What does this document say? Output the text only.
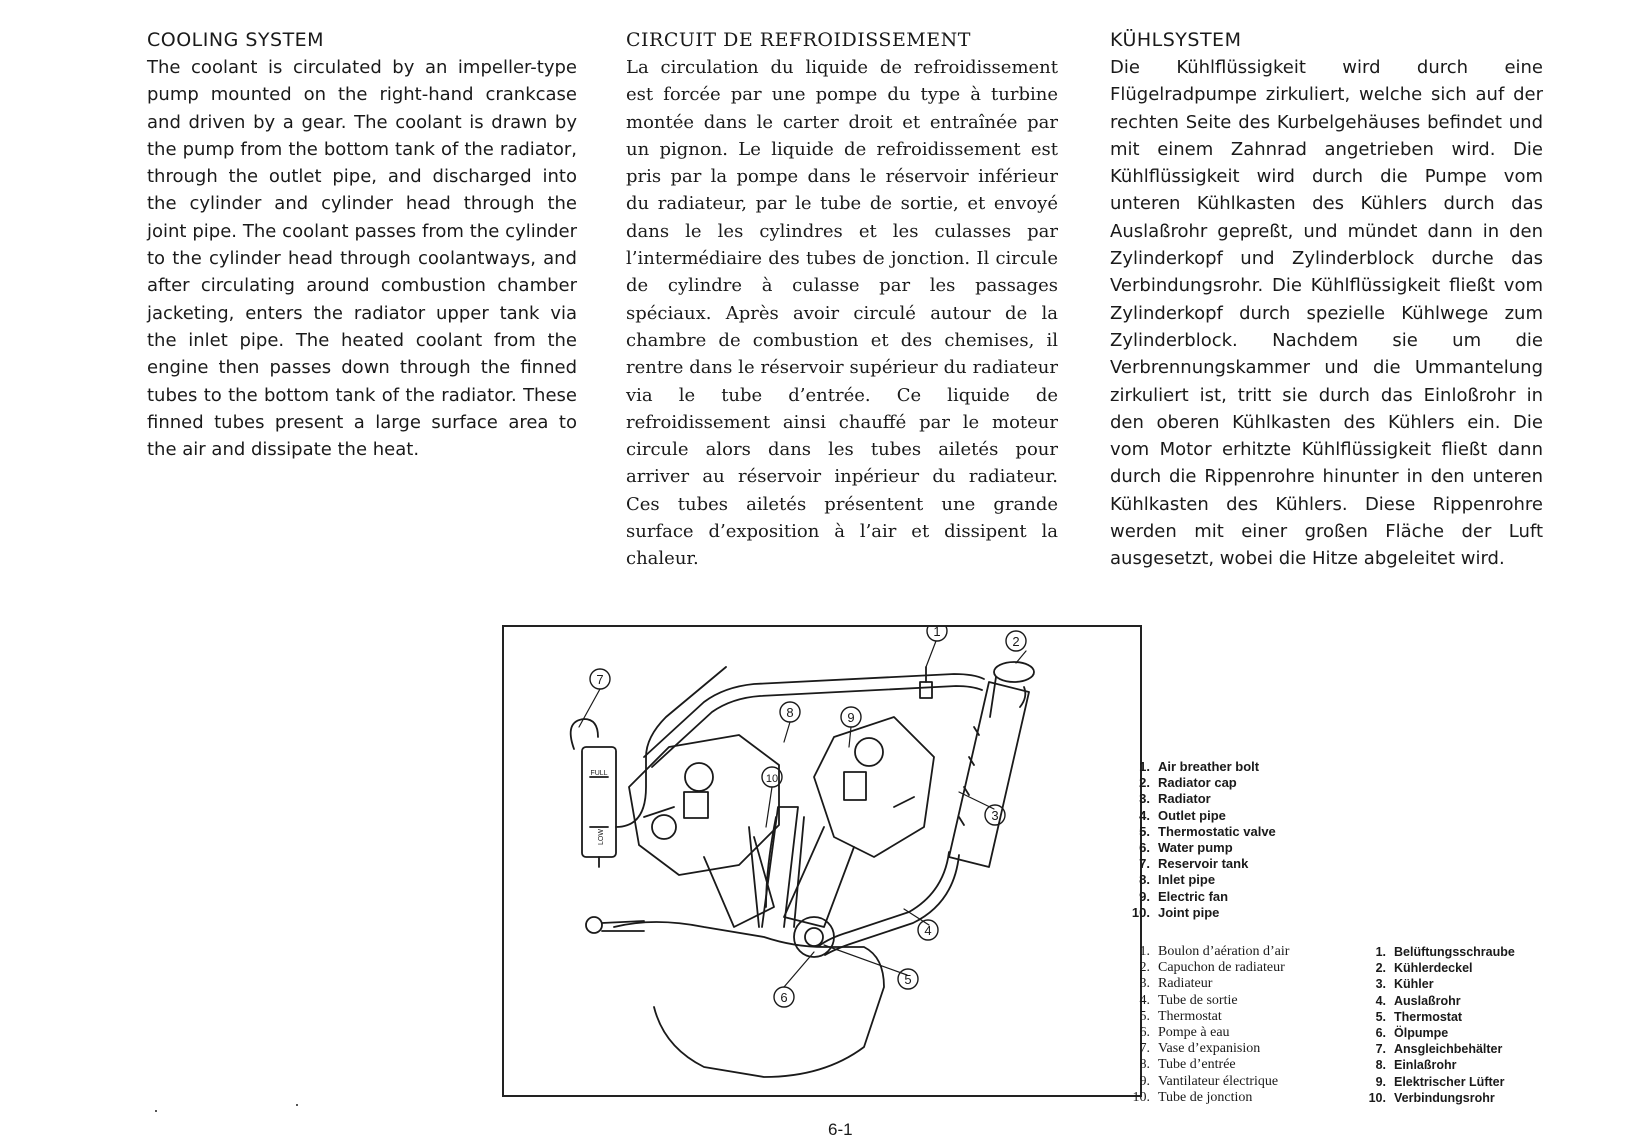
COOLING SYSTEM

The coolant is circulated by an impeller-type pump mounted on the right-hand crankcase and driven by a gear. The coolant is drawn by the pump from the bottom tank of the radiator, through the outlet pipe, and discharged into the cylinder and cylinder head through the joint pipe. The coolant passes from the cylinder to the cylinder head through coolantways, and after circulating around combustion chamber jacketing, enters the radiator upper tank via the inlet pipe. The heated coolant from the engine then passes down through the finned tubes to the bottom tank of the radiator. These finned tubes present a large surface area to the air and dissipate the heat.

CIRCUIT DE REFROIDISSEMENT

La circulation du liquide de refroidissement est forcée par une pompe du type à turbine montée dans le carter droit et entraînée par un pignon. Le liquide de refroidissement est pris par la pompe dans le réservoir inférieur du radiateur, par le tube de sortie, et envoyé dans le les cylindres et les culasses par l’intermédiaire des tubes de jonction. Il circule de cylindre à culasse par les passages spéciaux. Après avoir circulé autour de la chambre de combustion et des chemises, il rentre dans le réservoir supérieur du radiateur via le tube d’entrée. Ce liquide de refroidissement ainsi chauffé par le moteur circule alors dans les tubes ailetés pour arriver au réservoir inpérieur du radiateur. Ces tubes ailetés présentent une grande surface d’exposition à l’air et dissipent la chaleur.

KÜHLSYSTEM

Die Kühlflüssigkeit wird durch eine Flügelradpumpe zirkuliert, welche sich auf der rechten Seite des Kurbelgehäuses befindet und mit einem Zahnrad angetrieben wird. Die Kühlflüssigkeit wird durch die Pumpe vom unteren Kühlkasten des Kühlers durch das Auslaßrohr gepreßt, und mündet dann in den Zylinderkopf und Zylinderblock durche das Verbindungsrohr. Die Kühlflüssigkeit fließt vom Zylinderkopf durch spezielle Kühlwege zum Zylinderblock. Nachdem sie um die Verbrennungskammer und die Ummantelung zirkuliert ist, tritt sie durch das Einloßrohr in den oberen Kühlkasten des Kühlers ein. Die vom Motor erhitzte Kühlflüssigkeit fließt dann durch die Rippenrohre hinunter in den unteren Kühlkasten des Kühlers. Diese Rippenrohre werden mit einer großen Fläche der Luft ausgesetzt, wobei die Hitze abgeleitet wird.

FULL
LOW
1
2
3
4
5
6
7
8	9
10
1. Air breather bolt
2. Radiator cap
3. Radiator
4. Outlet pipe
5. Thermostatic valve
6. Water pump
7. Reservoir tank
8. Inlet pipe
9. Electric fan
10. Joint pipe
1. Boulon d’aération d’air
2. Capuchon de radiateur
3. Radiateur
4. Tube de sortie
5. Thermostat
6. Pompe à eau
7. Vase d’expanision
8. Tube d’entrée
9. Vantilateur électrique
10. Tube de jonction
1. Belüftungsschraube
2. Kühlerdeckel
3. Kühler
4. Auslaßrohr
5. Thermostat
6. Ölpumpe
7. Ansgleichbehälter
8. Einlaßrohr
9. Elektrischer Lüfter
10. Verbindungsrohr
6-1
